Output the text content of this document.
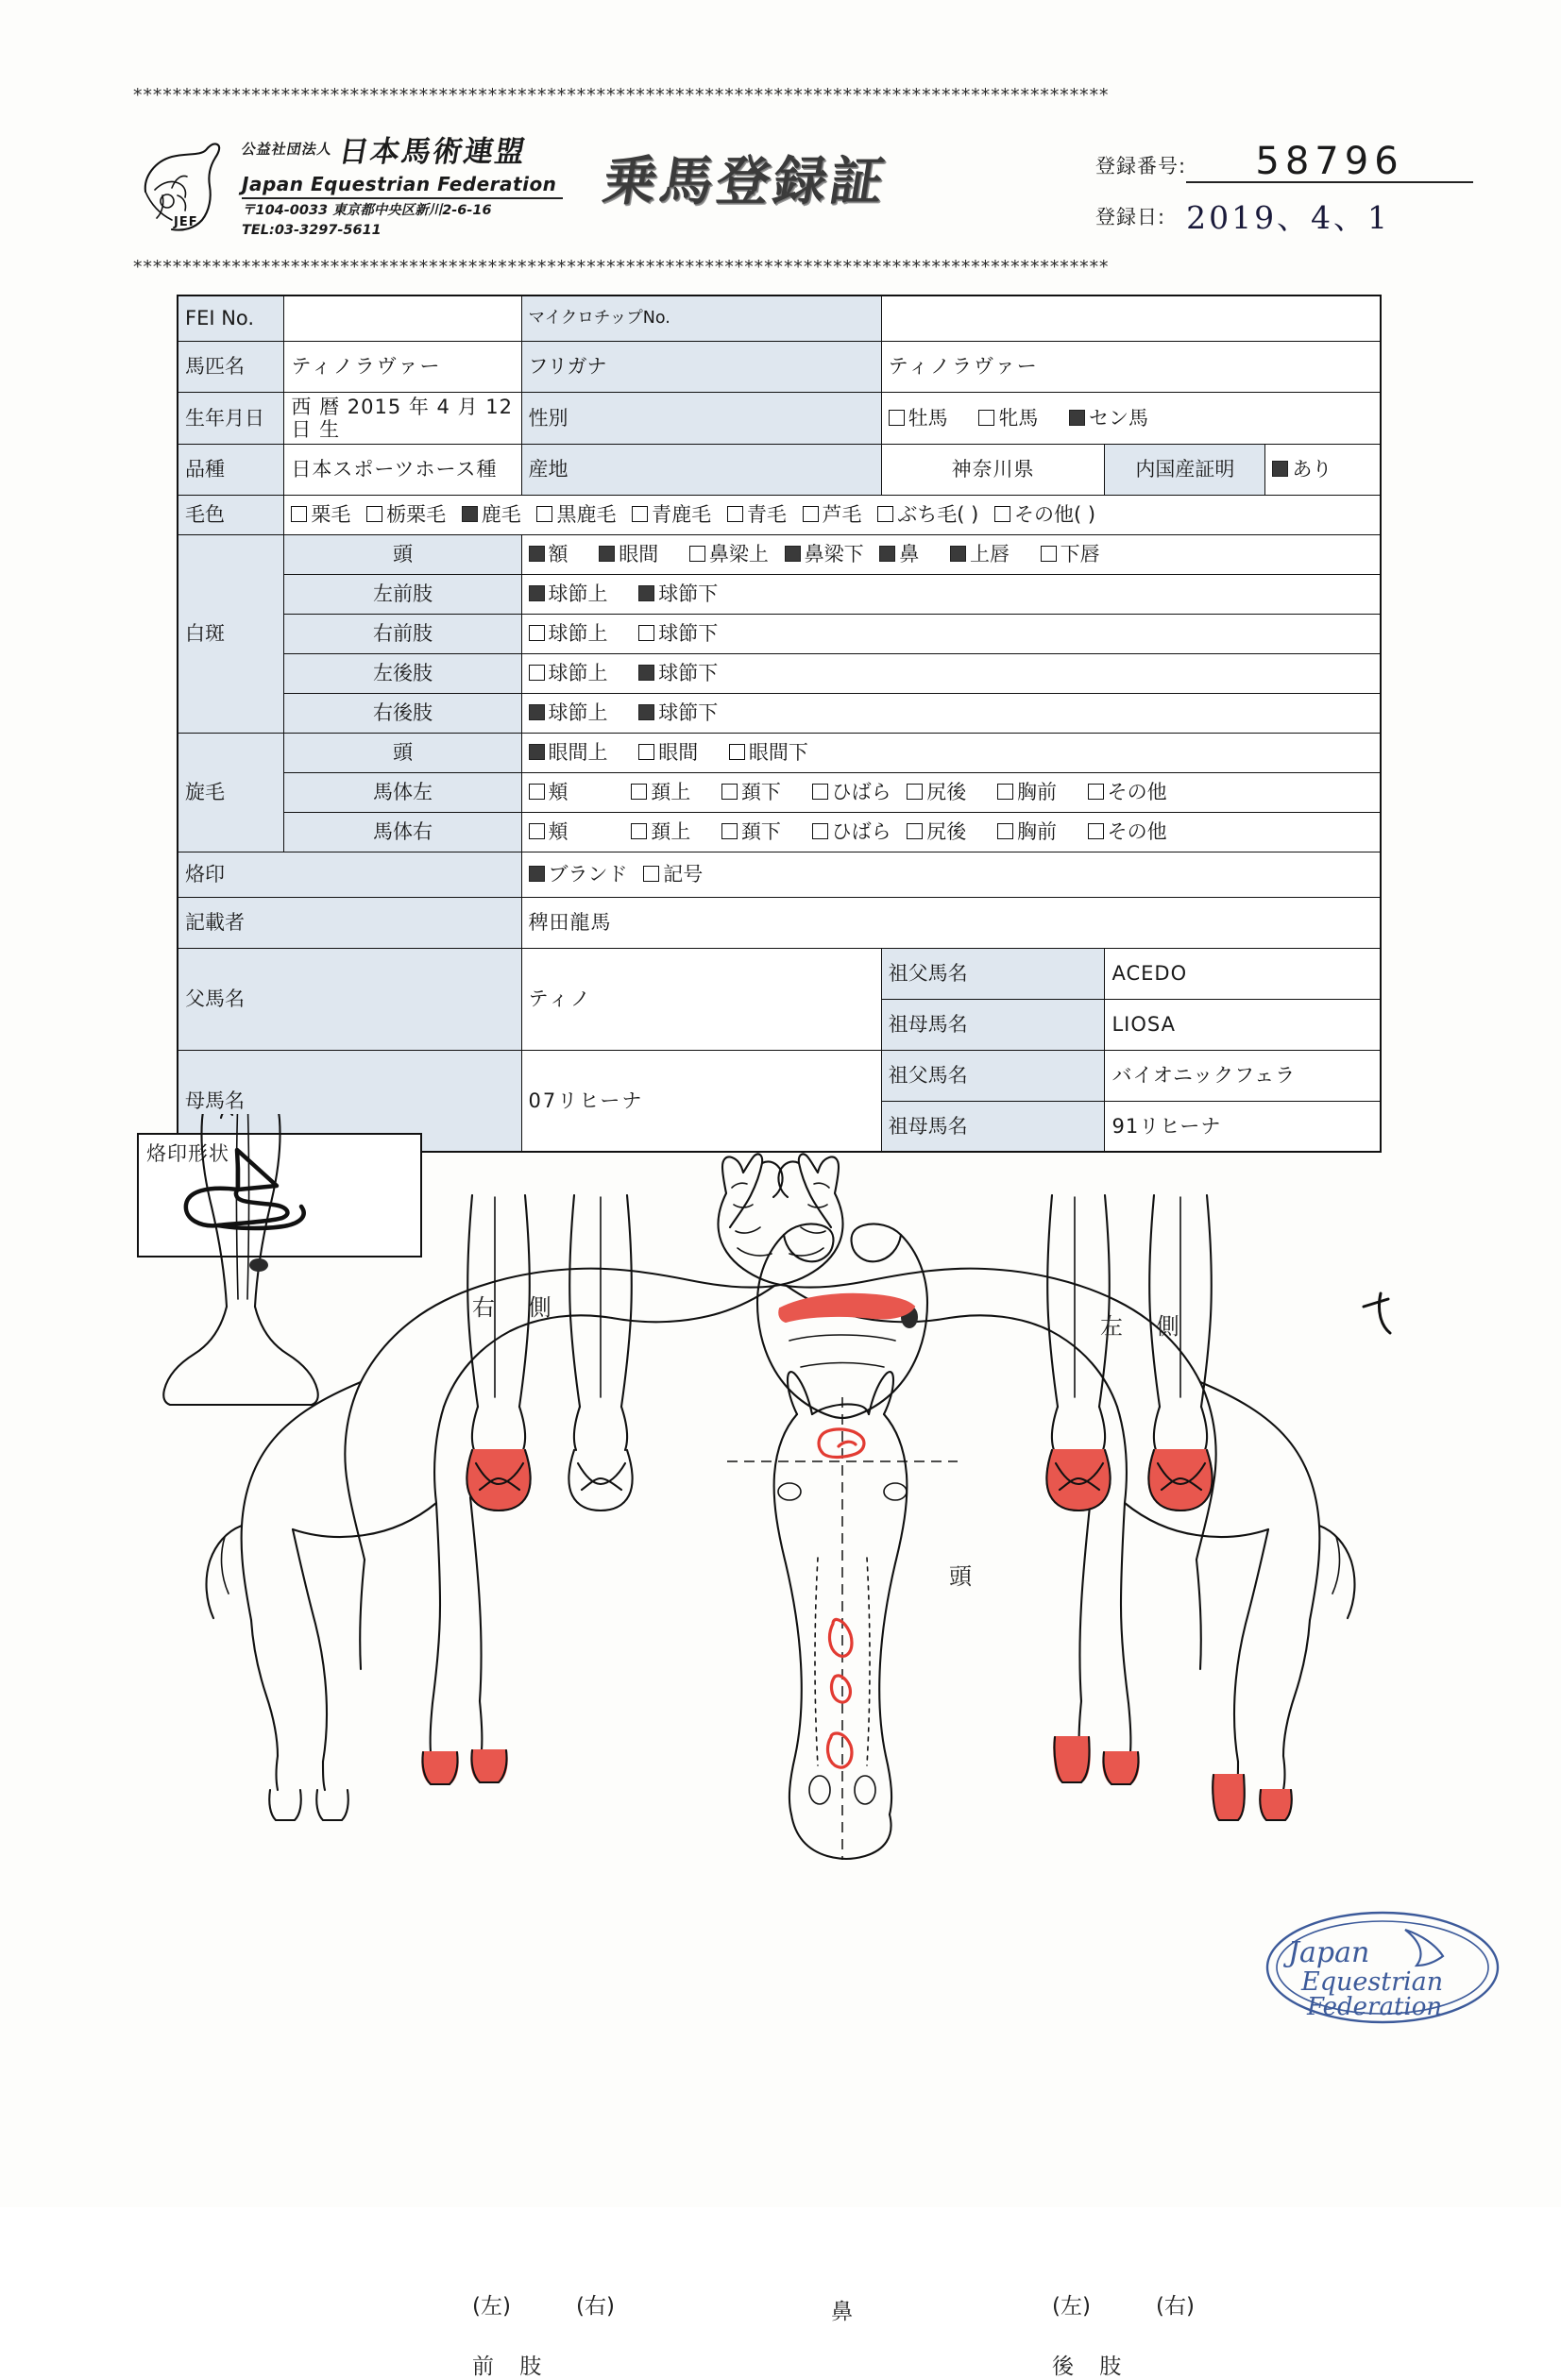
***************************************************************************************************
JEF
公益社団法人日本馬術連盟
Japan Equestrian Federation
〒104-0033 東京都中央区新川2-6-16
TEL:03-3297-5611
乗馬登録証	登録番号:	58796
登録日: 2019、4、1
***************************************************************************************************
FEI No.		マイクロチップNo.			
馬匹名	ティノラヴァー	フリガナ	ティノラヴァー		
生年月日	西 暦 2015 年 4 月 12 日 生	性別	牡馬 牝馬 セン馬		
品種	日本スポーツホース種	産地	神奈川県	内国産証明	あり
毛色	栗毛 栃栗毛 鹿毛 黒鹿毛 青鹿毛 青毛 芦毛 ぶち毛( ) その他( )				
白斑	頭	額 眼間 鼻梁上 鼻梁下 鼻 上唇 下唇			
	左前肢	球節上 球節下			
	右前肢	球節上 球節下			
	左後肢	球節上 球節下			
	右後肢	球節上 球節下			
旋毛	頭	眼間上 眼間 眼間下			
	馬体左	頬 頚上 頚下 ひばら 尻後 胸前 その他			
	馬体右	頬 頚上 頚下 ひばら 尻後 胸前 その他			
烙印		ブランド 記号			
記載者		稗田龍馬			
父馬名		ティノ	祖父馬名	ACEDO	
			祖母馬名	LIOSA	
母馬名		07リヒーナ	祖父馬名	バイオニックフェラ	
			祖母馬名	91リヒーナ	
烙印形状
右 側
左 側
頭
(左)	(右)
前 肢
鼻	(左)	(右)
後 肢
Japan
Equestrian
Federation
